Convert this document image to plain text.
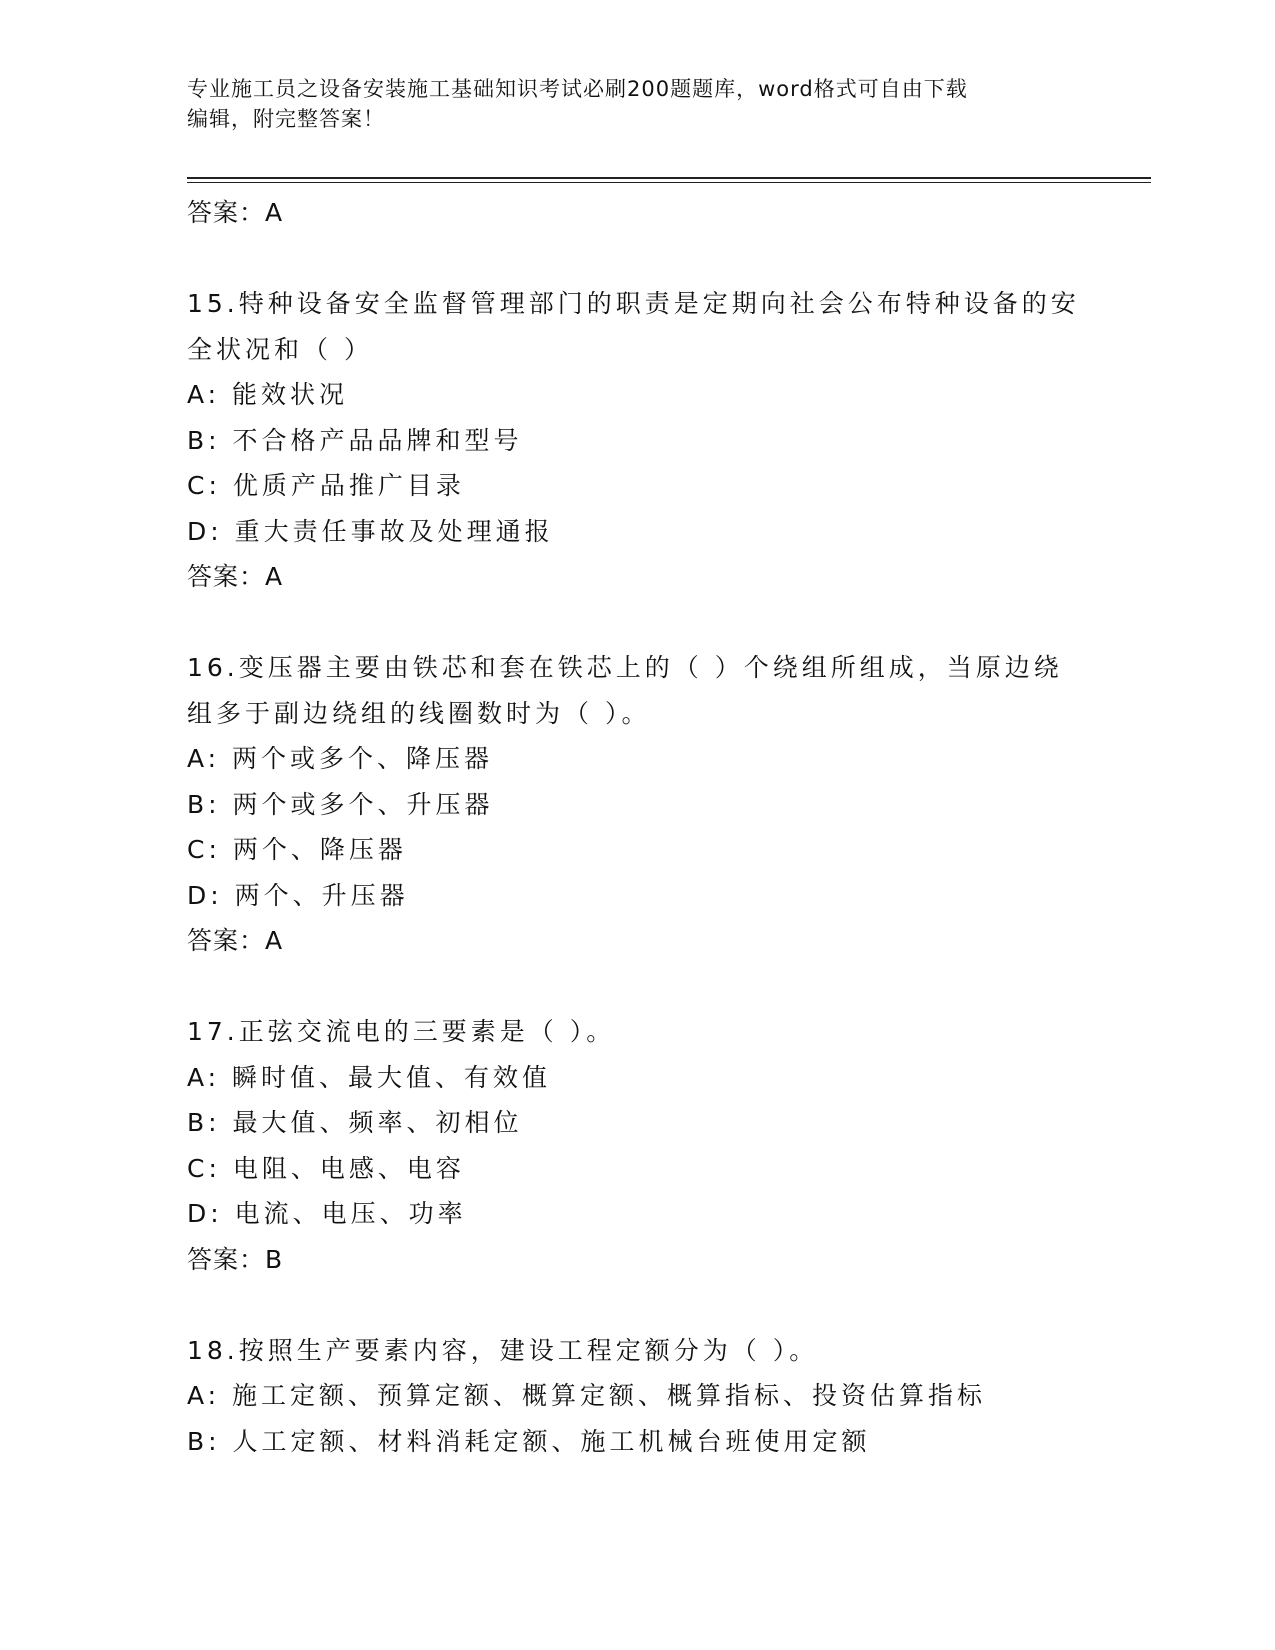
专业施工员之设备安装施工基础知识考试必刷200题题库，word格式可自由下载
编辑，附完整答案！
答案：A
15.特种设备安全监督管理部门的职责是定期向社会公布特种设备的安
全状况和（ ）
A: 能效状况
B: 不合格产品品牌和型号
C: 优质产品推广目录
D: 重大责任事故及处理通报
答案：A
16.变压器主要由铁芯和套在铁芯上的（ ）个绕组所组成，当原边绕
组多于副边绕组的线圈数时为（ ）。
A: 两个或多个、降压器
B: 两个或多个、升压器
C: 两个、降压器
D: 两个、升压器
答案：A
17.正弦交流电的三要素是（ ）。
A: 瞬时值、最大值、有效值
B: 最大值、频率、初相位
C: 电阻、电感、电容
D: 电流、电压、功率
答案：B
18.按照生产要素内容，建设工程定额分为（ ）。
A: 施工定额、预算定额、概算定额、概算指标、投资估算指标
B: 人工定额、材料消耗定额、施工机械台班使用定额
